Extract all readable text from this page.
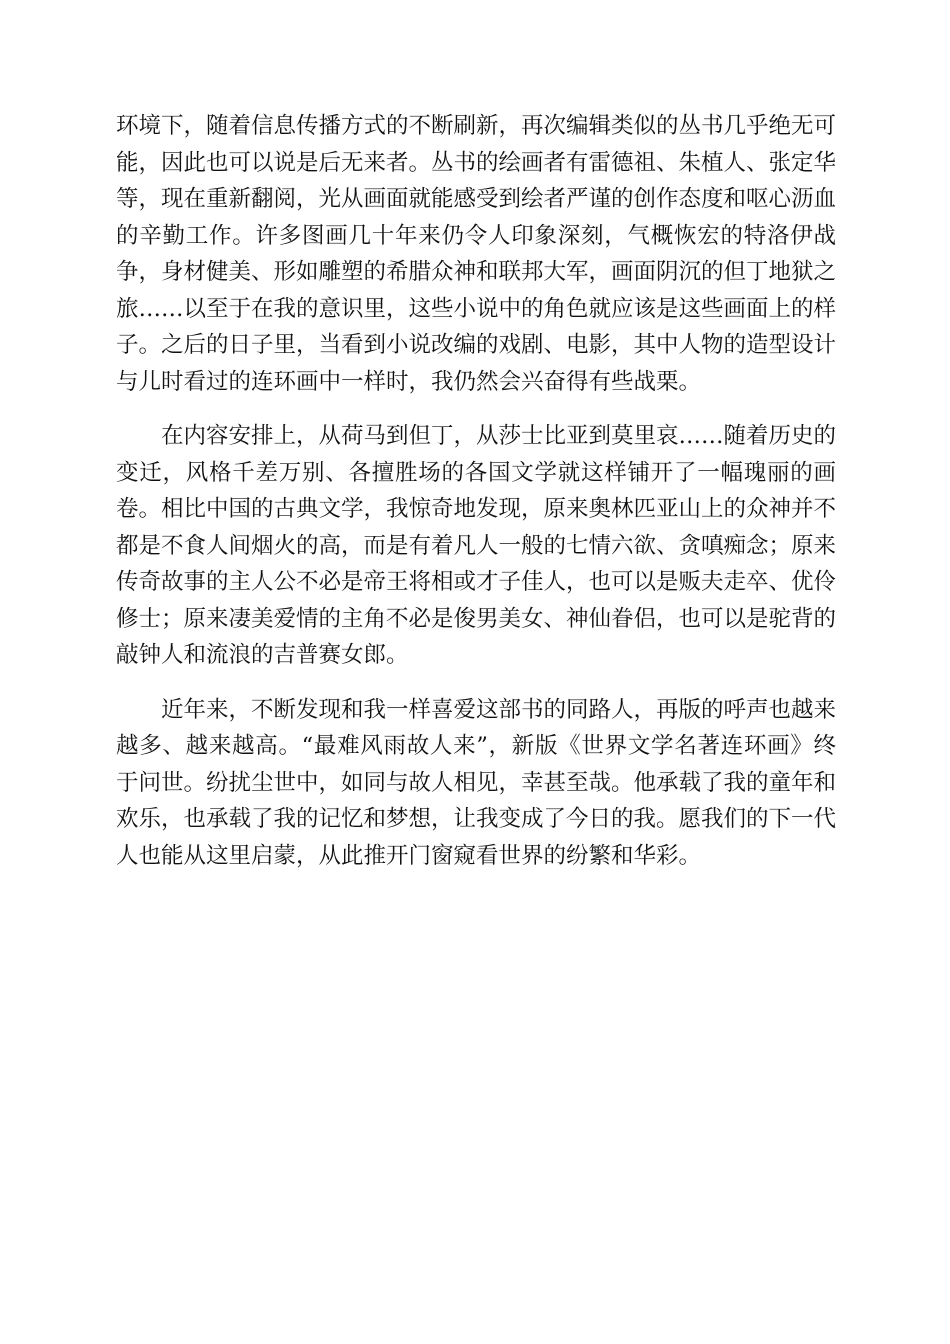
环境下，随着信息传播方式的不断刷新，再次编辑类似的丛书几乎绝无可
能，因此也可以说是后无来者。丛书的绘画者有雷德祖、朱植人、张定华
等，现在重新翻阅，光从画面就能感受到绘者严谨的创作态度和呕心沥血
的辛勤工作。许多图画几十年来仍令人印象深刻，气概恢宏的特洛伊战
争，身材健美、形如雕塑的希腊众神和联邦大军，画面阴沉的但丁地狱之
旅……以至于在我的意识里，这些小说中的角色就应该是这些画面上的样
子。之后的日子里，当看到小说改编的戏剧、电影，其中人物的造型设计
与儿时看过的连环画中一样时，我仍然会兴奋得有些战栗。
在内容安排上，从荷马到但丁，从莎士比亚到莫里哀……随着历史的
变迁，风格千差万别、各擅胜场的各国文学就这样铺开了一幅瑰丽的画
卷。相比中国的古典文学，我惊奇地发现，原来奥林匹亚山上的众神并不
都是不食人间烟火的高，而是有着凡人一般的七情六欲、贪嗔痴念；原来
传奇故事的主人公不必是帝王将相或才子佳人，也可以是贩夫走卒、优伶
修士；原来凄美爱情的主角不必是俊男美女、神仙眷侣，也可以是驼背的
敲钟人和流浪的吉普赛女郎。
近年来，不断发现和我一样喜爱这部书的同路人，再版的呼声也越来
越多、越来越高。“最难风雨故人来”，新版《世界文学名著连环画》终
于问世。纷扰尘世中，如同与故人相见，幸甚至哉。他承载了我的童年和
欢乐，也承载了我的记忆和梦想，让我变成了今日的我。愿我们的下一代
人也能从这里启蒙，从此推开门窗窥看世界的纷繁和华彩。
